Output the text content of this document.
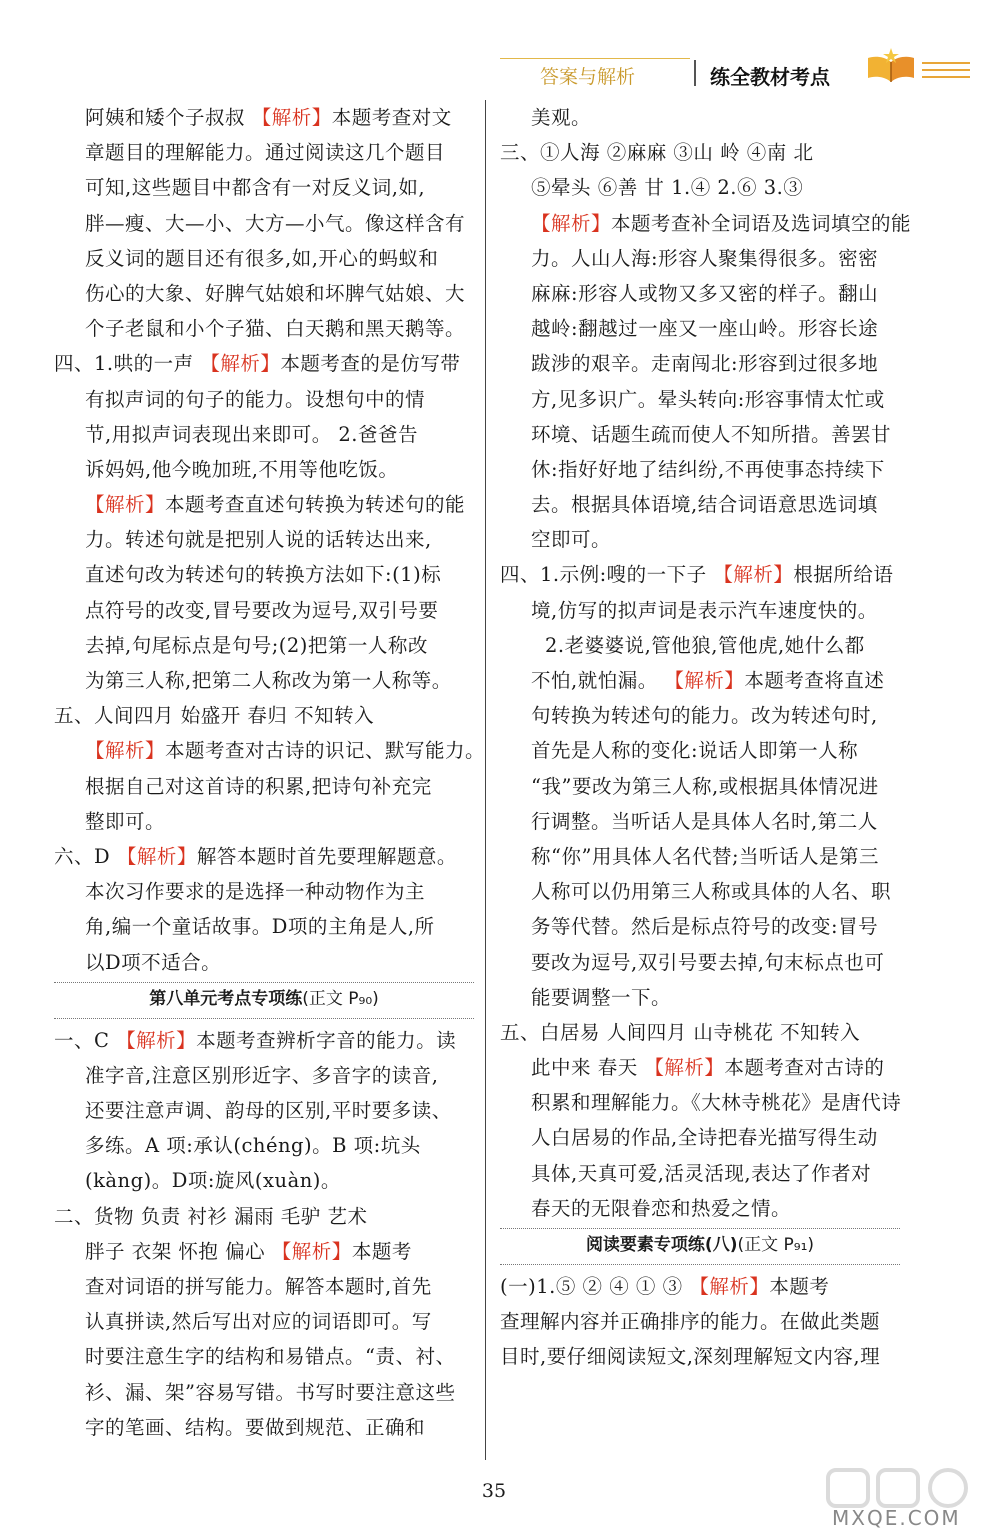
答案与解析	练全教材考点
阿姨和矮个子叔叔 【解析】本题考查对文
章题目的理解能力。通过阅读这几个题目
可知,这些题目中都含有一对反义词,如,
胖—瘦、大—小、大方—小气。像这样含有
反义词的题目还有很多,如,开心的蚂蚁和
伤心的大象、好脾气姑娘和坏脾气姑娘、大
个子老鼠和小个子猫、白天鹅和黑天鹅等。
四、1.哄的一声 【解析】本题考查的是仿写带
有拟声词的句子的能力。设想句中的情
节,用拟声词表现出来即可。 2.爸爸告
诉妈妈,他今晚加班,不用等他吃饭。
【解析】本题考查直述句转换为转述句的能
力。转述句就是把别人说的话转达出来,
直述句改为转述句的转换方法如下:(1)标
点符号的改变,冒号要改为逗号,双引号要
去掉,句尾标点是句号;(2)把第一人称改
为第三人称,把第二人称改为第一人称等。
五、人间四月 始盛开 春归 不知转入
【解析】本题考查对古诗的识记、默写能力。
根据自己对这首诗的积累,把诗句补充完
整即可。
六、D 【解析】解答本题时首先要理解题意。
本次习作要求的是选择一种动物作为主
角,编一个童话故事。D项的主角是人,所
以D项不适合。
第八单元考点专项练(正文 P₉₀)
一、C 【解析】本题考查辨析字音的能力。读
准字音,注意区别形近字、多音字的读音,
还要注意声调、韵母的区别,平时要多读、
多练。A 项:承认(chéng)。B 项:坑头
(kàng)。D项:旋风(xuàn)。
二、货物 负责 衬衫 漏雨 毛驴 艺术
胖子 衣架 怀抱 偏心 【解析】本题考
查对词语的拼写能力。解答本题时,首先
认真拼读,然后写出对应的词语即可。写
时要注意生字的结构和易错点。“责、衬、
衫、漏、架”容易写错。书写时要注意这些
字的笔画、结构。要做到规范、正确和
美观。
三、①人海 ②麻麻 ③山 岭 ④南 北
⑤晕头 ⑥善 甘 1.④ 2.⑥ 3.③
【解析】本题考查补全词语及选词填空的能
力。人山人海:形容人聚集得很多。密密
麻麻:形容人或物又多又密的样子。翻山
越岭:翻越过一座又一座山岭。形容长途
跋涉的艰辛。走南闯北:形容到过很多地
方,见多识广。晕头转向:形容事情太忙或
环境、话题生疏而使人不知所措。善罢甘
休:指好好地了结纠纷,不再使事态持续下
去。根据具体语境,结合词语意思选词填
空即可。
四、1.示例:嗖的一下子 【解析】根据所给语
境,仿写的拟声词是表示汽车速度快的。
2.老婆婆说,管他狼,管他虎,她什么都
不怕,就怕漏。 【解析】本题考查将直述
句转换为转述句的能力。改为转述句时,
首先是人称的变化:说话人即第一人称
“我”要改为第三人称,或根据具体情况进
行调整。当听话人是具体人名时,第二人
称“你”用具体人名代替;当听话人是第三
人称可以仍用第三人称或具体的人名、职
务等代替。然后是标点符号的改变:冒号
要改为逗号,双引号要去掉,句末标点也可
能要调整一下。
五、白居易 人间四月 山寺桃花 不知转入
此中来 春天 【解析】本题考查对古诗的
积累和理解能力。《大林寺桃花》是唐代诗
人白居易的作品,全诗把春光描写得生动
具体,天真可爱,活灵活现,表达了作者对
春天的无限眷恋和热爱之情。
阅读要素专项练(八)(正文 P₉₁)
(一)1.⑤ ② ④ ① ③ 【解析】本题考
查理解内容并正确排序的能力。在做此类题
目时,要仔细阅读短文,深刻理解短文内容,理
35
MXQE.COM
